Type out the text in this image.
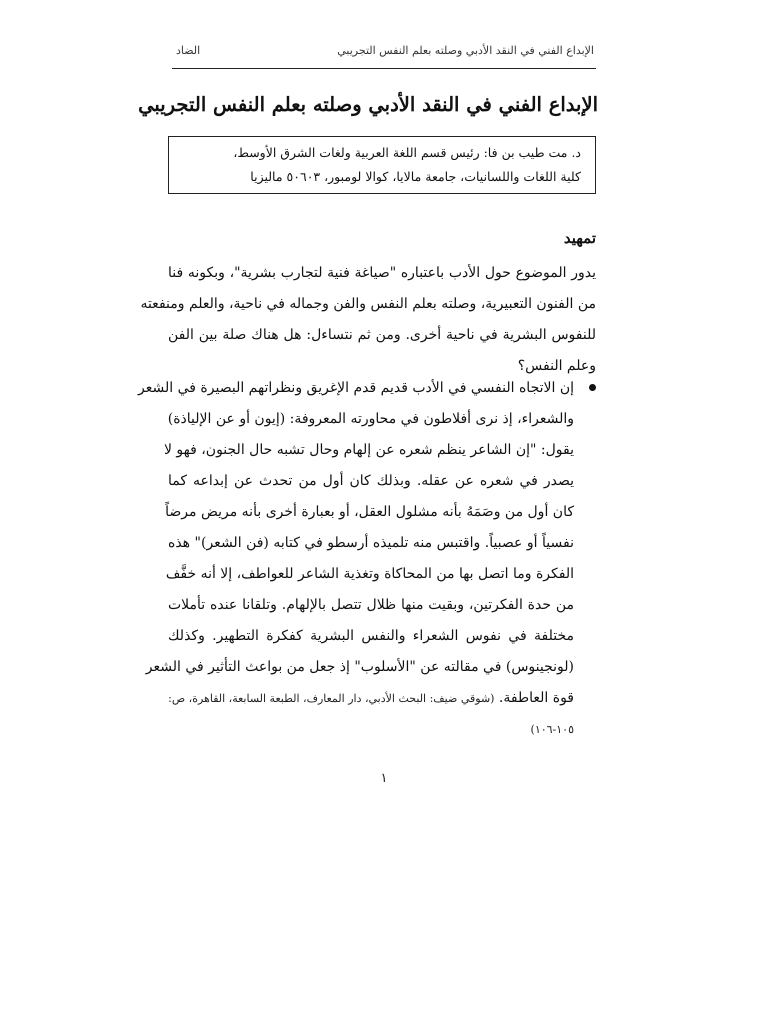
الإبداع الفني في النقد الأدبي وصلته بعلم النفس التجريبي
الضاد
الإبداع الفني في النقد الأدبي وصلته بعلم النفس التجريبي
د. مت طيب بن فا: رئيس قسم اللغة العربية ولغات الشرق الأوسط،
كلية اللغات واللسانيات، جامعة مالايا، كوالا لومبور، ٥٠٦٠٣ ماليزيا
تمهيد
يدور الموضوع حول الأدب باعتباره "صياغة فنية لتجارب بشرية"، وبكونه فنا
من الفنون التعبيرية، وصلته بعلم النفس والفن وجماله في ناحية، والعلم ومنفعته
للنفوس البشرية في ناحية أخرى. ومن ثم نتساءل: هل هناك صلة بين الفن
وعلم النفس؟
إن الاتجاه النفسي في الأدب قديم قدم الإغريق ونظراتهم البصيرة في الشعر
والشعراء، إذ نرى أفلاطون في محاورته المعروفة: (إيون أو عن الإلياذة)
يقول: "إن الشاعر ينظم شعره عن إلهام وحال تشبه حال الجنون، فهو لا
يصدر في شعره عن عقله. وبذلك كان أول من تحدث عن إبداعه كما
كان أول من وصَمَهُ بأنه مشلول العقل، أو بعبارة أخرى بأنه مريض مرضاً
نفسياً أو عصبياً. واقتبس منه تلميذه أرسطو في كتابه (فن الشعر)" هذه
الفكرة وما اتصل بها من المحاكاة وتغذية الشاعر للعواطف، إلا أنه خفَّف
من حدة الفكرتين، وبقيت منها ظلال تتصل بالإلهام. وتلقانا عنده تأملات
مختلفة في نفوس الشعراء والنفس البشرية كفكرة التطهير. وكذلك
(لونجينوس) في مقالته عن "الأسلوب" إذ جعل من بواعث التأثير في الشعر
قوة العاطفة. (شوقي ضيف: البحث الأدبي، دار المعارف، الطبعة السابعة، القاهرة، ص:
١٠٥-١٠٦)
١
